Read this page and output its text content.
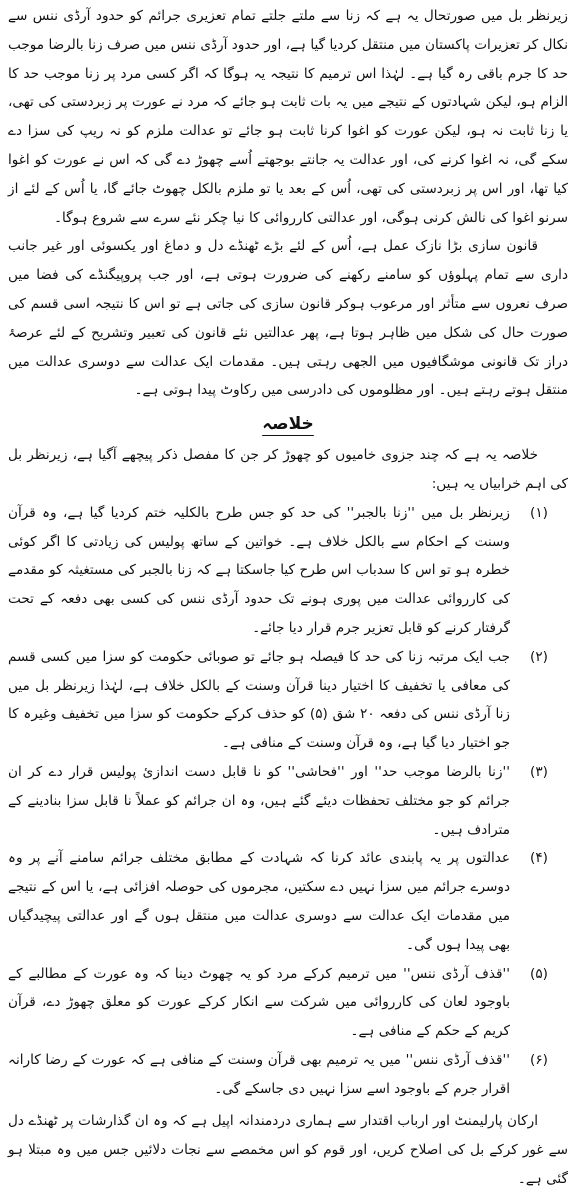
زیرنظر بل میں صورتحال یہ ہے کہ زنا سے ملتے جلتے تمام تعزیری جرائم کو حدود آرڈی ننس سے نکال کر تعزیرات پاکستان میں منتقل کردیا گیا ہے، اور حدود آرڈی ننس میں صرف زنا بالرضا موجب حد کا جرم باقی رہ گیا ہے۔ لہٰذا اس ترمیم کا نتیجہ یہ ہوگا کہ اگر کسی مرد پر زنا موجب حد کا الزام ہو، لیکن شہادتوں کے نتیجے میں یہ بات ثابت ہو جائے کہ مرد نے عورت پر زبردستی کی تھی، یا زنا ثابت نہ ہو، لیکن عورت کو اغوا کرنا ثابت ہو جائے تو عدالت ملزم کو نہ ریپ کی سزا دے سکے گی، نہ اغوا کرنے کی، اور عدالت یہ جانتے بوجھتے اُسے چھوڑ دے گی کہ اس نے عورت کو اغوا کیا تھا، اور اس پر زبردستی کی تھی، اُس کے بعد یا تو ملزم بالکل چھوٹ جائے گا، یا اُس کے لئے از سرنو اغوا کی نالش کرنی ہوگی، اور عدالتی کارروائی کا نیا چکر نئے سرے سے شروع ہوگا۔

قانون سازی بڑا نازک عمل ہے، اُس کے لئے بڑے ٹھنڈے دل و دماغ اور یکسوئی اور غیر جانب داری سے تمام پہلوؤں کو سامنے رکھنے کی ضرورت ہوتی ہے، اور جب پروپیگنڈے کی فضا میں صرف نعروں سے متأثر اور مرعوب ہوکر قانون سازی کی جاتی ہے تو اس کا نتیجہ اسی قسم کی صورت حال کی شکل میں ظاہر ہوتا ہے، پھر عدالتیں نئے قانون کی تعبیر وتشریح کے لئے عرصۂ دراز تک قانونی موشگافیوں میں الجھی رہتی ہیں۔ مقدمات ایک عدالت سے دوسری عدالت میں منتقل ہوتے رہتے ہیں۔ اور مظلوموں کی دادرسی میں رکاوٹ پیدا ہوتی ہے۔

خلاصہ

خلاصہ یہ ہے کہ چند جزوی خامیوں کو چھوڑ کر جن کا مفصل ذکر پیچھے آگیا ہے، زیرنظر بل کی اہم خرابیاں یہ ہیں:

(۱)

زیرنظر بل میں ''زنا بالجبر'' کی حد کو جس طرح بالکلیہ ختم کردیا گیا ہے، وہ قرآن وسنت کے احکام سے بالکل خلاف ہے۔ خواتین کے ساتھ پولیس کی زیادتی کا اگر کوئی خطرہ ہو تو اس کا سدباب اس طرح کیا جاسکتا ہے کہ زنا بالجبر کی مستغیثہ کو مقدمے کی کارروائی عدالت میں پوری ہونے تک حدود آرڈی ننس کی کسی بھی دفعہ کے تحت گرفتار کرنے کو قابل تعزیر جرم قرار دیا جائے۔

(۲)

جب ایک مرتبہ زنا کی حد کا فیصلہ ہو جائے تو صوبائی حکومت کو سزا میں کسی قسم کی معافی یا تخفیف کا اختیار دینا قرآن وسنت کے بالکل خلاف ہے، لہٰذا زیرنظر بل میں زنا آرڈی ننس کی دفعہ ۲۰ شق (۵) کو حذف کرکے حکومت کو سزا میں تخفیف وغیرہ کا جو اختیار دیا گیا ہے، وہ قرآن وسنت کے منافی ہے۔

(۳)

''زنا بالرضا موجب حد'' اور ''فحاشی'' کو نا قابل دست اندازیٔ پولیس قرار دے کر ان جرائم کو جو مختلف تحفظات دیئے گئے ہیں، وہ ان جرائم کو عملاً نا قابل سزا بنادینے کے مترادف ہیں۔

(۴)

عدالتوں پر یہ پابندی عائد کرنا کہ شہادت کے مطابق مختلف جرائم سامنے آنے پر وہ دوسرے جرائم میں سزا نہیں دے سکتیں، مجرموں کی حوصلہ افزائی ہے، یا اس کے نتیجے میں مقدمات ایک عدالت سے دوسری عدالت میں منتقل ہوں گے اور عدالتی پیچیدگیاں بھی پیدا ہوں گی۔

(۵)

''قذف آرڈی ننس'' میں ترمیم کرکے مرد کو یہ چھوٹ دینا کہ وہ عورت کے مطالبے کے باوجود لعان کی کارروائی میں شرکت سے انکار کرکے عورت کو معلق چھوڑ دے، قرآن کریم کے حکم کے منافی ہے۔

(۶)

''قذف آرڈی ننس'' میں یہ ترمیم بھی قرآن وسنت کے منافی ہے کہ عورت کے رضا کارانہ اقرار جرم کے باوجود اسے سزا نہیں دی جاسکے گی۔

ارکان پارلیمنٹ اور ارباب اقتدار سے ہماری دردمندانہ اپیل ہے کہ وہ ان گذارشات پر ٹھنڈے دل سے غور کرکے بل کی اصلاح کریں، اور قوم کو اس مخمصے سے نجات دلائیں جس میں وہ مبتلا ہو گئی ہے۔
